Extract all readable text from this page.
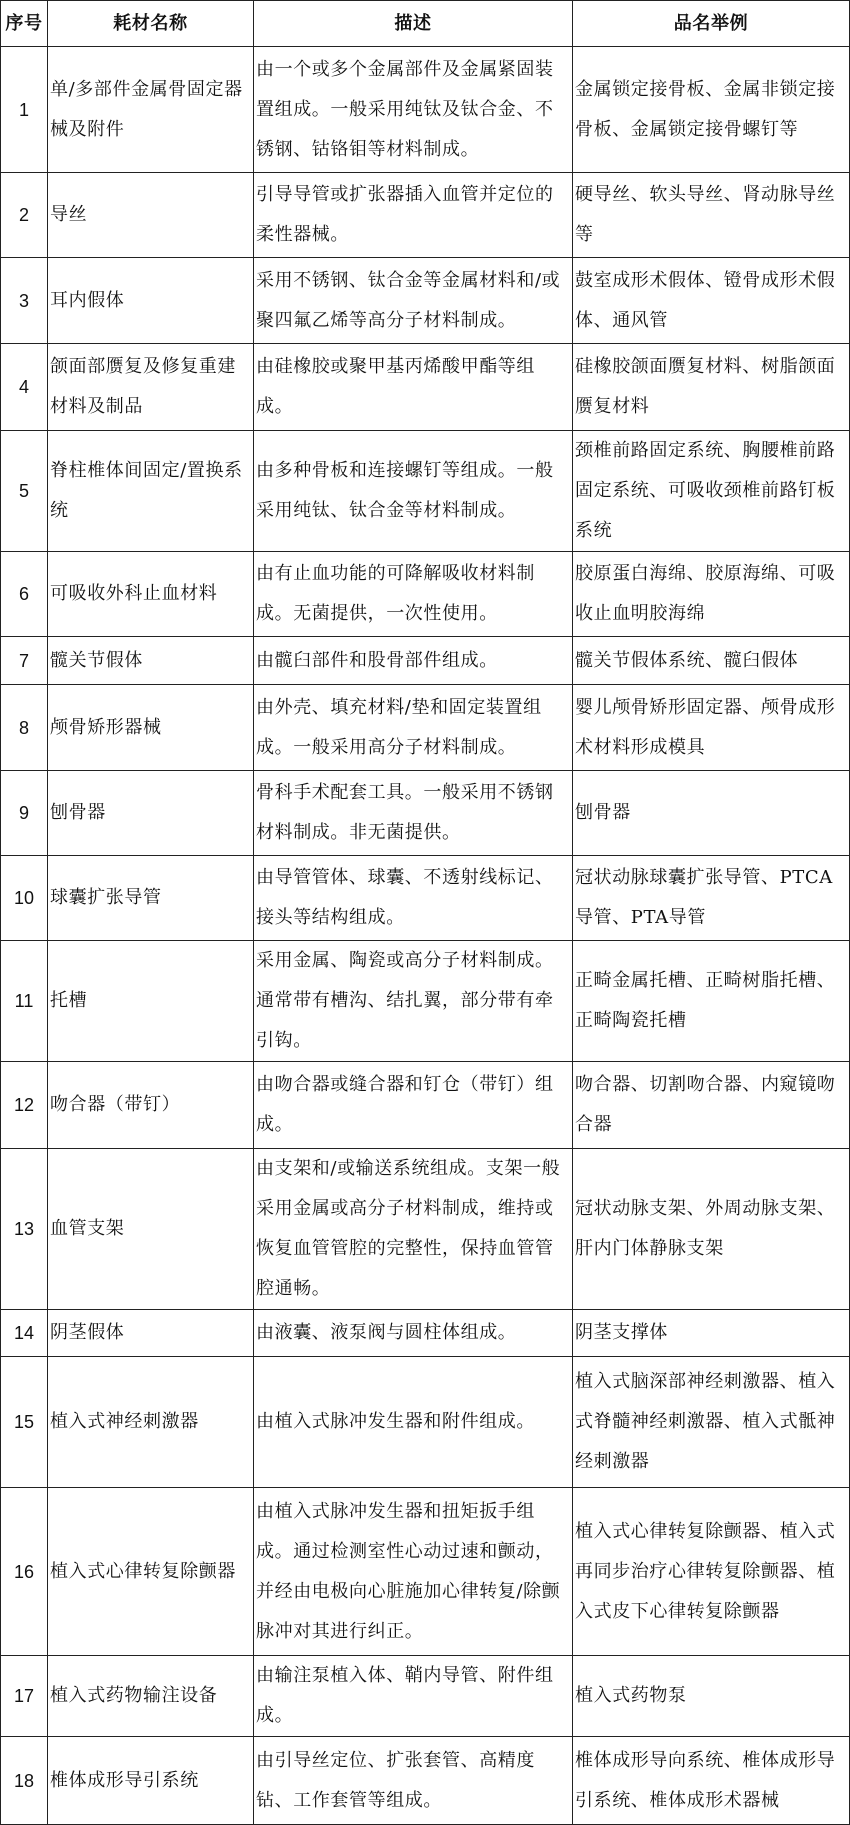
序号	耗材名称	描述	品名举例
1	单/多部件金属骨固定器械及附件	由一个或多个金属部件及金属紧固装置组成。一般采用纯钛及钛合金、不锈钢、钴铬钼等材料制成。	金属锁定接骨板、金属非锁定接骨板、金属锁定接骨螺钉等
2	导丝	引导导管或扩张器插入血管并定位的柔性器械。	硬导丝、软头导丝、肾动脉导丝等
3	耳内假体	采用不锈钢、钛合金等金属材料和/或聚四氟乙烯等高分子材料制成。	鼓室成形术假体、镫骨成形术假体、通风管
4	颌面部赝复及修复重建材料及制品	由硅橡胶或聚甲基丙烯酸甲酯等组成。	硅橡胶颌面赝复材料、树脂颌面赝复材料
5	脊柱椎体间固定/置换系统	由多种骨板和连接螺钉等组成。一般采用纯钛、钛合金等材料制成。	颈椎前路固定系统、胸腰椎前路固定系统、可吸收颈椎前路钉板系统
6	可吸收外科止血材料	由有止血功能的可降解吸收材料制成。无菌提供，一次性使用。	胶原蛋白海绵、胶原海绵、可吸收止血明胶海绵
7	髋关节假体	由髋臼部件和股骨部件组成。	髋关节假体系统、髋臼假体
8	颅骨矫形器械	由外壳、填充材料/垫和固定装置组成。一般采用高分子材料制成。	婴儿颅骨矫形固定器、颅骨成形术材料形成模具
9	刨骨器	骨科手术配套工具。一般采用不锈钢材料制成。非无菌提供。	刨骨器
10	球囊扩张导管	由导管管体、球囊、不透射线标记、接头等结构组成。	冠状动脉球囊扩张导管、PTCA导管、PTA导管
11	托槽	采用金属、陶瓷或高分子材料制成。通常带有槽沟、结扎翼，部分带有牵引钩。	正畸金属托槽、正畸树脂托槽、正畸陶瓷托槽
12	吻合器（带钉）	由吻合器或缝合器和钉仓（带钉）组成。	吻合器、切割吻合器、内窥镜吻合器
13	血管支架	由支架和/或输送系统组成。支架一般采用金属或高分子材料制成，维持或恢复血管管腔的完整性，保持血管管腔通畅。	冠状动脉支架、外周动脉支架、肝内门体静脉支架
14	阴茎假体	由液囊、液泵阀与圆柱体组成。	阴茎支撑体
15	植入式神经刺激器	由植入式脉冲发生器和附件组成。	植入式脑深部神经刺激器、植入式脊髓神经刺激器、植入式骶神经刺激器
16	植入式心律转复除颤器	由植入式脉冲发生器和扭矩扳手组成。通过检测室性心动过速和颤动，并经由电极向心脏施加心律转复/除颤脉冲对其进行纠正。	植入式心律转复除颤器、植入式再同步治疗心律转复除颤器、植入式皮下心律转复除颤器
17	植入式药物输注设备	由输注泵植入体、鞘内导管、附件组成。	植入式药物泵
18	椎体成形导引系统	由引导丝定位、扩张套管、高精度钻、工作套管等组成。	椎体成形导向系统、椎体成形导引系统、椎体成形术器械
